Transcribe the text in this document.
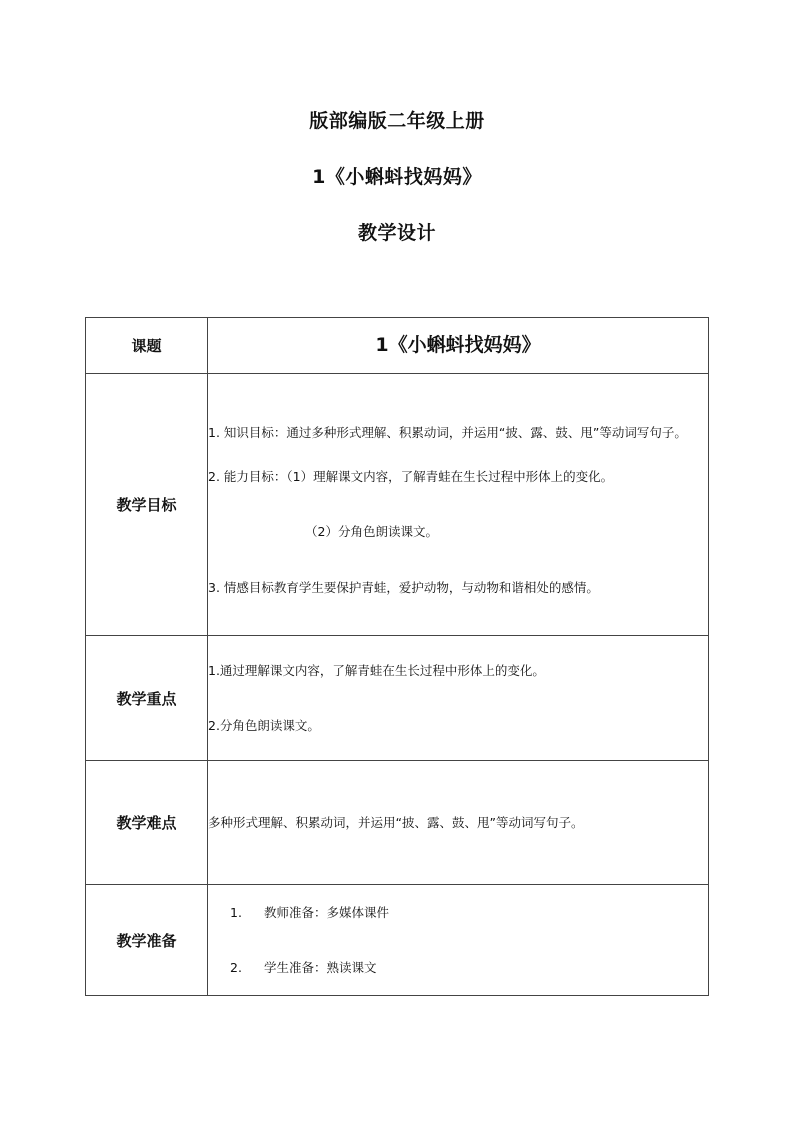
版部编版二年级上册
1《小蝌蚪找妈妈》
教学设计
课题	1《小蝌蚪找妈妈》
教学目标	1. 知识目标：通过多种形式理解、积累动词，并运用“披、露、鼓、甩”等动词写句子。

2. 能力目标：（1）理解课文内容，了解青蛙在生长过程中形体上的变化。

（2）分角色朗读课文。

3. 情感目标教育学生要保护青蛙，爱护动物，与动物和谐相处的感情。

教学重点	1.通过理解课文内容，了解青蛙在生长过程中形体上的变化。

2.分角色朗读课文。

教学难点	多种形式理解、积累动词，并运用“披、露、鼓、甩”等动词写句子。
教学准备	1. 教师准备：多媒体课件
2. 学生准备：熟读课文
